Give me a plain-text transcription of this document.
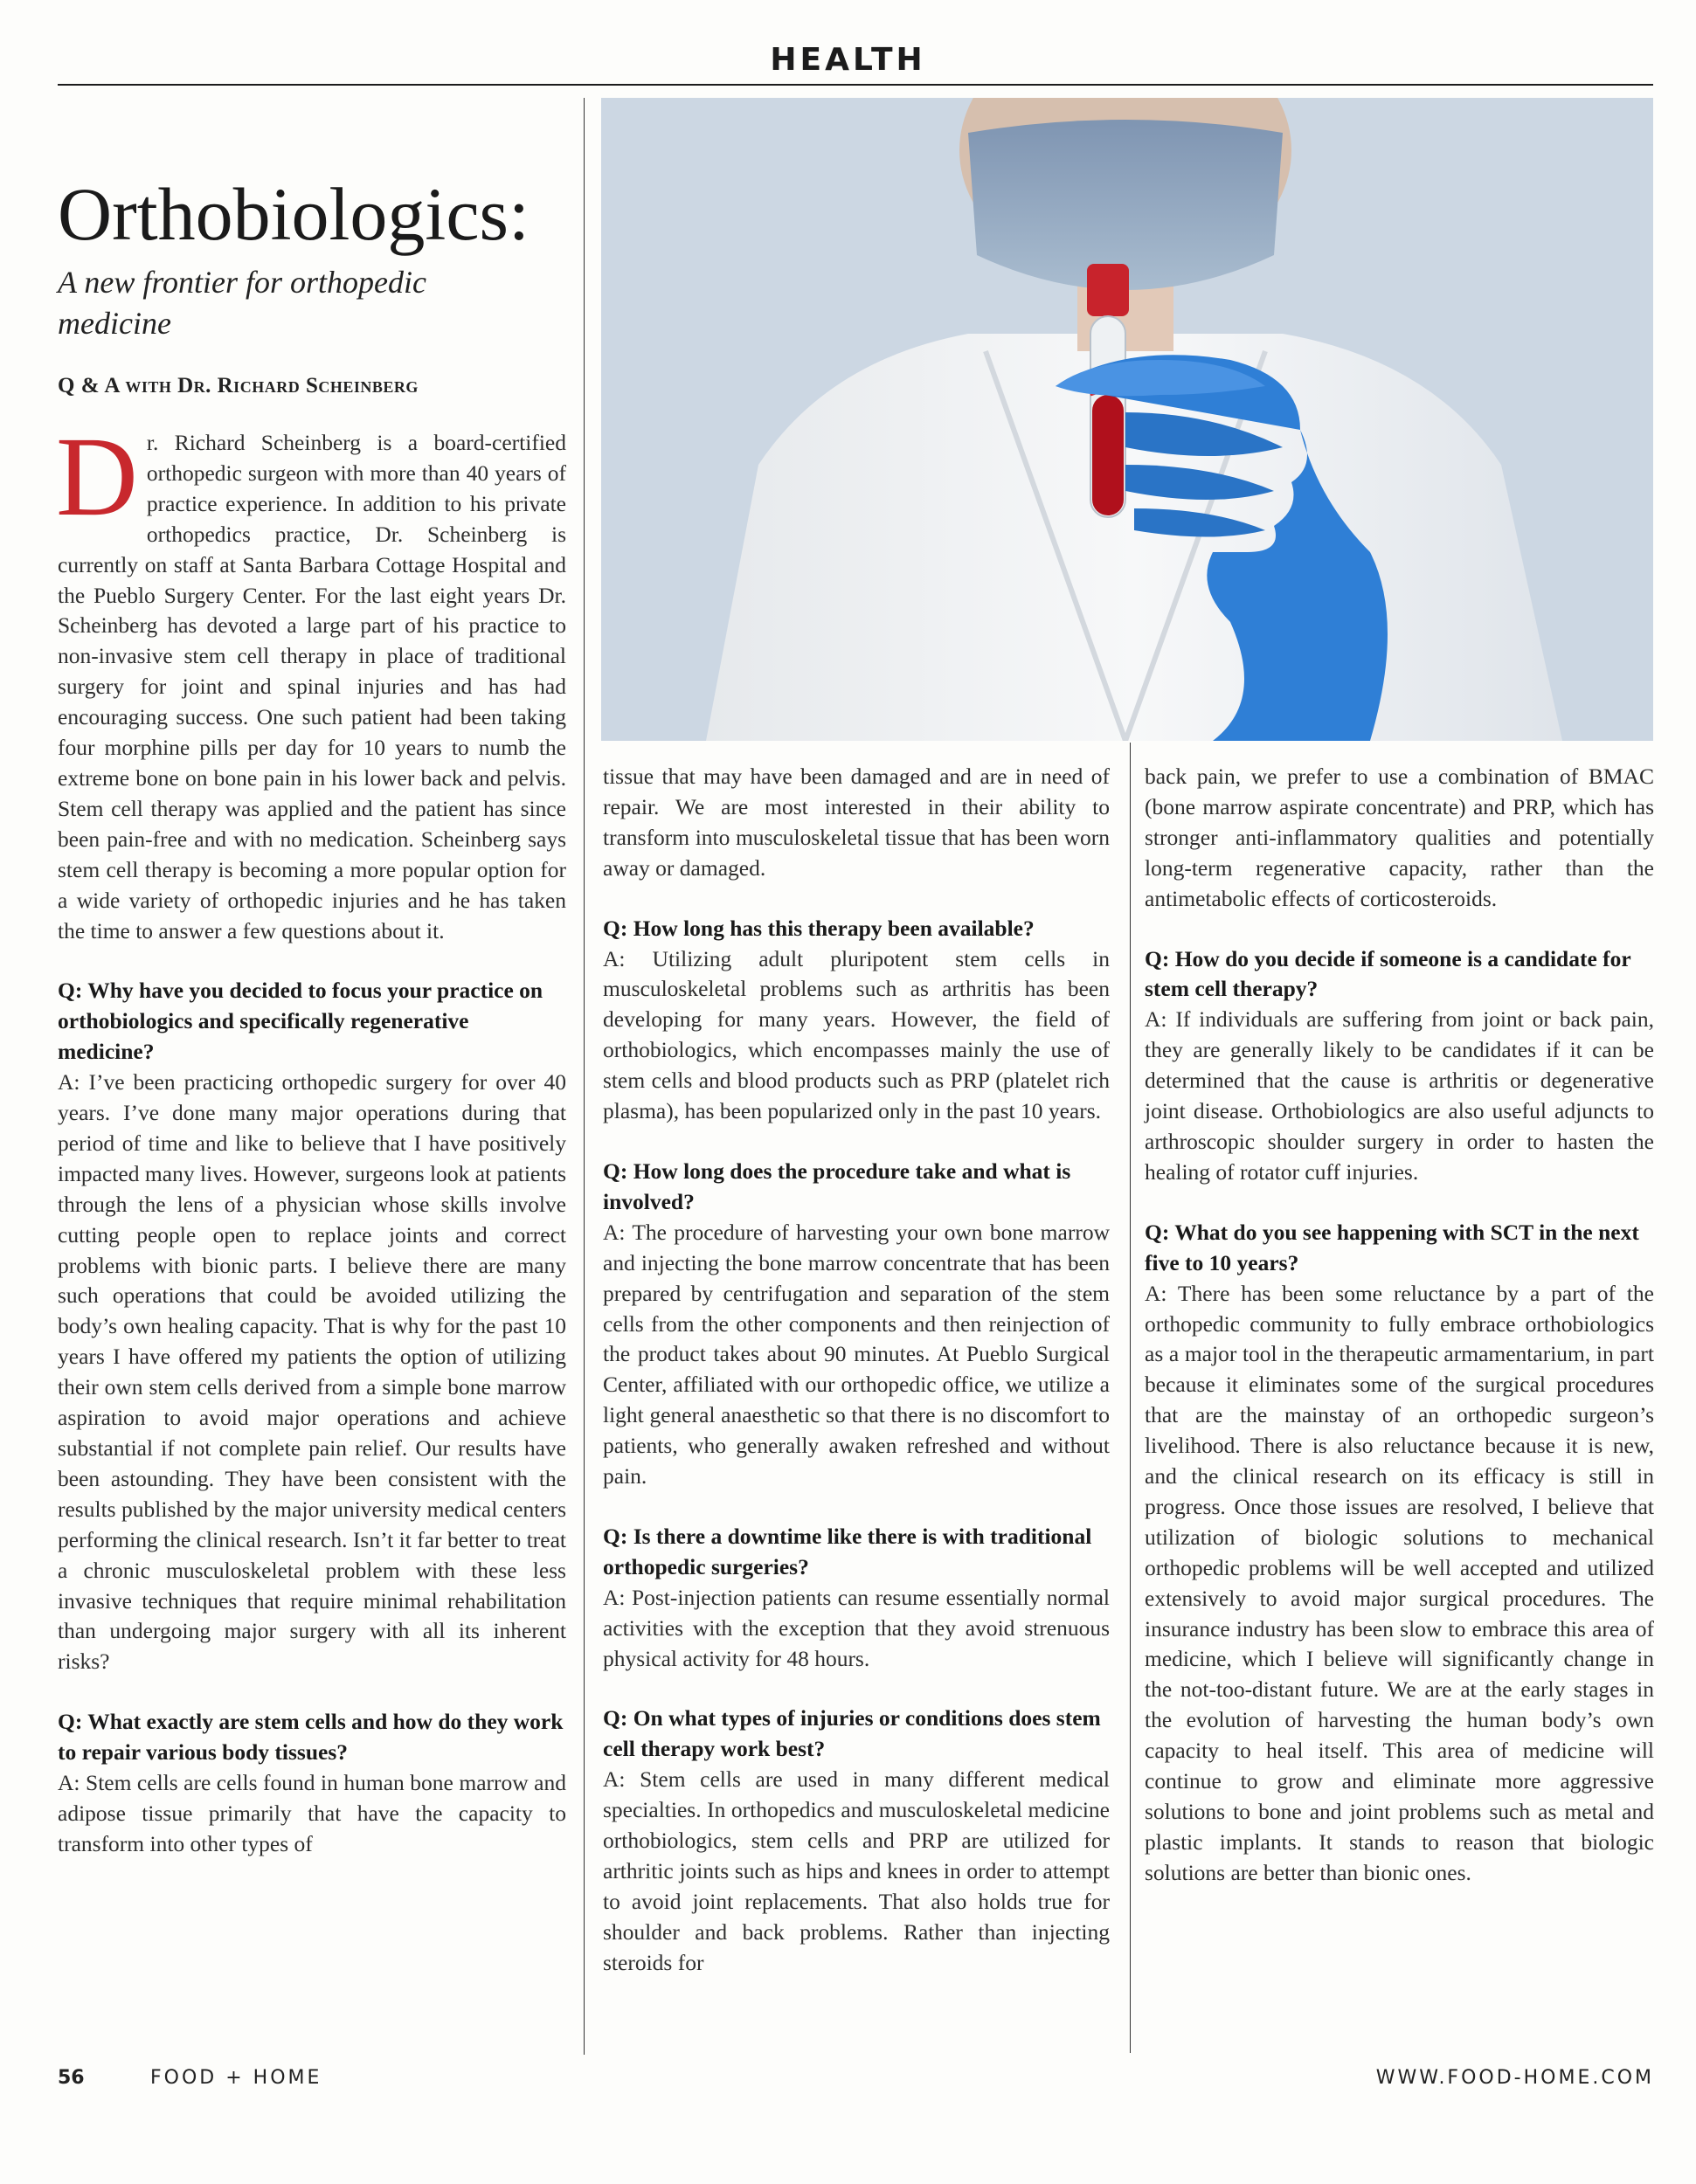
HEALTH
Orthobiologics:
A new frontier for orthopedic medicine
Q & A with Dr. Richard Scheinberg

Dr. Richard Scheinberg is a board-certified orthopedic surgeon with more than 40 years of practice experience. In addition to his private orthopedics practice, Dr. Scheinberg is currently on staff at Santa Barbara Cottage Hospital and the Pueblo Surgery Center. For the last eight years Dr. Scheinberg has devoted a large part of his practice to non-invasive stem cell therapy in place of traditional surgery for joint and spinal injuries and has had encouraging success. One such patient had been taking four morphine pills per day for 10 years to numb the extreme bone on bone pain in his lower back and pelvis. Stem cell therapy was applied and the patient has since been pain-free and with no medication. Scheinberg says stem cell therapy is becoming a more popular option for a wide variety of orthopedic injuries and he has taken the time to answer a few questions about it.

Q: Why have you decided to focus your practice on orthobiologics and specifically regenerative medicine?

A: I’ve been practicing orthopedic surgery for over 40 years. I’ve done many major operations during that period of time and like to believe that I have positively impacted many lives. However, surgeons look at patients through the lens of a physician whose skills involve cutting people open to replace joints and correct problems with bionic parts. I believe there are many such operations that could be avoided utilizing the body’s own healing capacity. That is why for the past 10 years I have offered my patients the option of utilizing their own stem cells derived from a simple bone marrow aspiration to avoid major operations and achieve substantial if not complete pain relief. Our results have been astounding. They have been consistent with the results published by the major university medical centers performing the clinical research. Isn’t it far better to treat a chronic musculoskeletal problem with these less invasive techniques that require minimal rehabilitation than undergoing major surgery with all its inherent risks?

Q: What exactly are stem cells and how do they work to repair various body tissues?

A: Stem cells are cells found in human bone marrow and adipose tissue primarily that have the capacity to transform into other types of

tissue that may have been damaged and are in need of repair. We are most interested in their ability to transform into musculoskeletal tissue that has been worn away or damaged.

Q: How long has this therapy been available?

A: Utilizing adult pluripotent stem cells in musculoskeletal problems such as arthritis has been developing for many years. However, the field of orthobiologics, which encompasses mainly the use of stem cells and blood products such as PRP (platelet rich plasma), has been popularized only in the past 10 years.

Q: How long does the procedure take and what is involved?

A: The procedure of harvesting your own bone marrow and injecting the bone marrow concentrate that has been prepared by centrifugation and separation of the stem cells from the other components and then reinjection of the product takes about 90 minutes. At Pueblo Surgical Center, affiliated with our orthopedic office, we utilize a light general anaesthetic so that there is no discomfort to patients, who generally awaken refreshed and without pain.

Q: Is there a downtime like there is with traditional orthopedic surgeries?

A: Post-injection patients can resume essentially normal activities with the exception that they avoid strenuous physical activity for 48 hours.

Q: On what types of injuries or conditions does stem cell therapy work best?

A: Stem cells are used in many different medical specialties. In orthopedics and musculoskeletal medicine orthobiologics, stem cells and PRP are utilized for arthritic joints such as hips and knees in order to attempt to avoid joint replacements. That also holds true for shoulder and back problems. Rather than injecting steroids for

back pain, we prefer to use a combination of BMAC (bone marrow aspirate concentrate) and PRP, which has stronger anti-inflammatory qualities and potentially long-term regenerative capacity, rather than the antimetabolic effects of corticosteroids.

Q: How do you decide if someone is a candidate for stem cell therapy?

A: If individuals are suffering from joint or back pain, they are generally likely to be candidates if it can be determined that the cause is arthritis or degenerative joint disease. Orthobiologics are also useful adjuncts to arthroscopic shoulder surgery in order to hasten the healing of rotator cuff injuries.

Q: What do you see happening with SCT in the next five to 10 years?

A: There has been some reluctance by a part of the orthopedic community to fully embrace orthobiologics as a major tool in the therapeutic armamentarium, in part because it eliminates some of the surgical procedures that are the mainstay of an orthopedic surgeon’s livelihood. There is also reluctance because it is new, and the clinical research on its efficacy is still in progress. Once those issues are resolved, I believe that utilization of biologic solutions to mechanical orthopedic problems will be well accepted and utilized extensively to avoid major surgical procedures. The insurance industry has been slow to embrace this area of medicine, which I believe will significantly change in the not-too-distant future. We are at the early stages in the evolution of harvesting the human body’s own capacity to heal itself. This area of medicine will continue to grow and eliminate more aggressive solutions to bone and joint problems such as metal and plastic implants. It stands to reason that biologic solutions are better than bionic ones.

56	FOOD + HOME	WWW.FOOD-HOME.COM
